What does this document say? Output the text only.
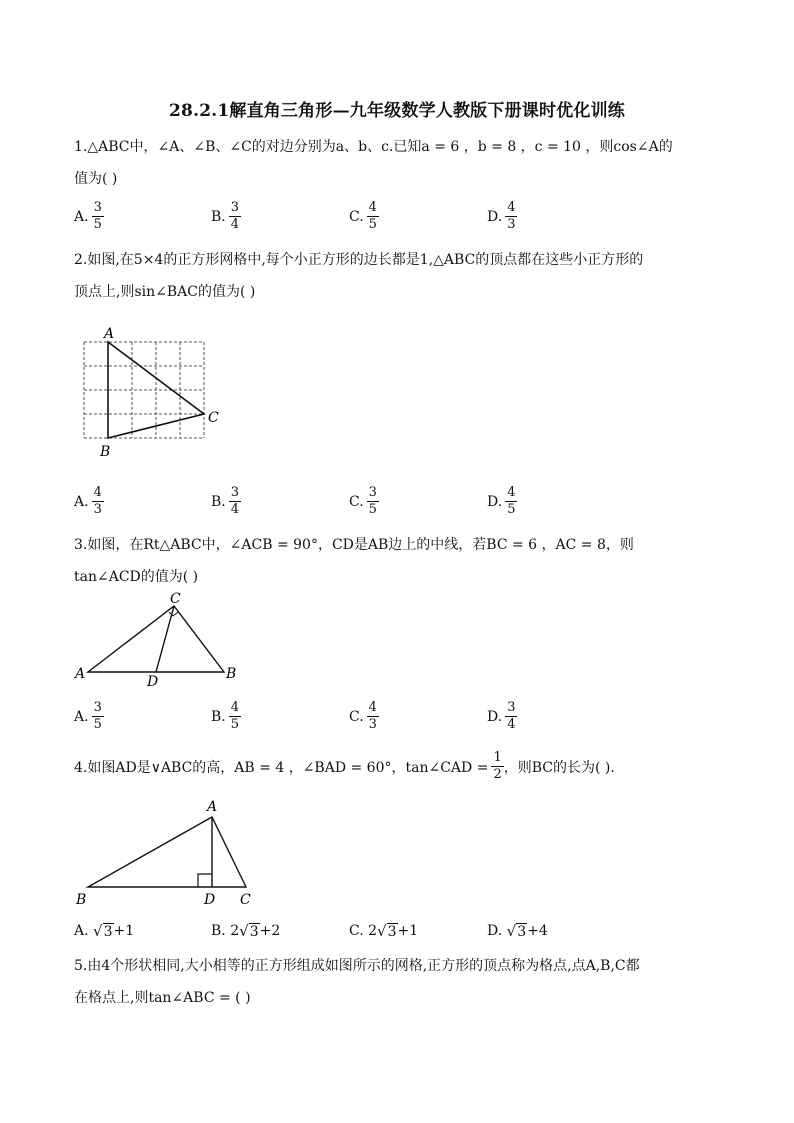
28.2.1解直角三角形—九年级数学人教版下册课时优化训练
1.△ABC中，∠A、∠B、∠C的对边分别为a、b、c.已知a = 6 ，b = 8 ，c = 10 ，则cos∠A的
值为( )
A. $\frac{3}{5}$	B. $\frac{3}{4}$	C. $\frac{4}{5}$	D. $\frac{4}{3}$
2.如图,在5×4的正方形网格中,每个小正方形的边长都是1,△ABC的顶点都在这些小正方形的
顶点上,则sin∠BAC的值为( )
A
B
C
A. $\frac{4}{3}$	B. $\frac{3}{4}$	C. $\frac{3}{5}$	D. $\frac{4}{5}$
3.如图，在Rt△ABC中，∠ACB = 90°，CD是AB边上的中线，若BC = 6 ，AC = 8，则
tan∠ACD的值为( )
C
A	B
D
A. $\frac{3}{5}$	B. $\frac{4}{5}$	C. $\frac{4}{3}$	D. $\frac{3}{4}$
4.如图AD是∨ABC的高，AB = 4 ，∠BAD = 60°，tan∠CAD = $\frac{1}{2}$ ，则BC的长为( ).
A
B	D C
A.
√3 +1	B.
2 √3 +2	C.
2 √3 +1	D.
√3 +4
5.由4个形状相同,大小相等的正方形组成如图所示的网格,正方形的顶点称为格点,点A,B,C都
在格点上,则tan∠ABC = ( )
